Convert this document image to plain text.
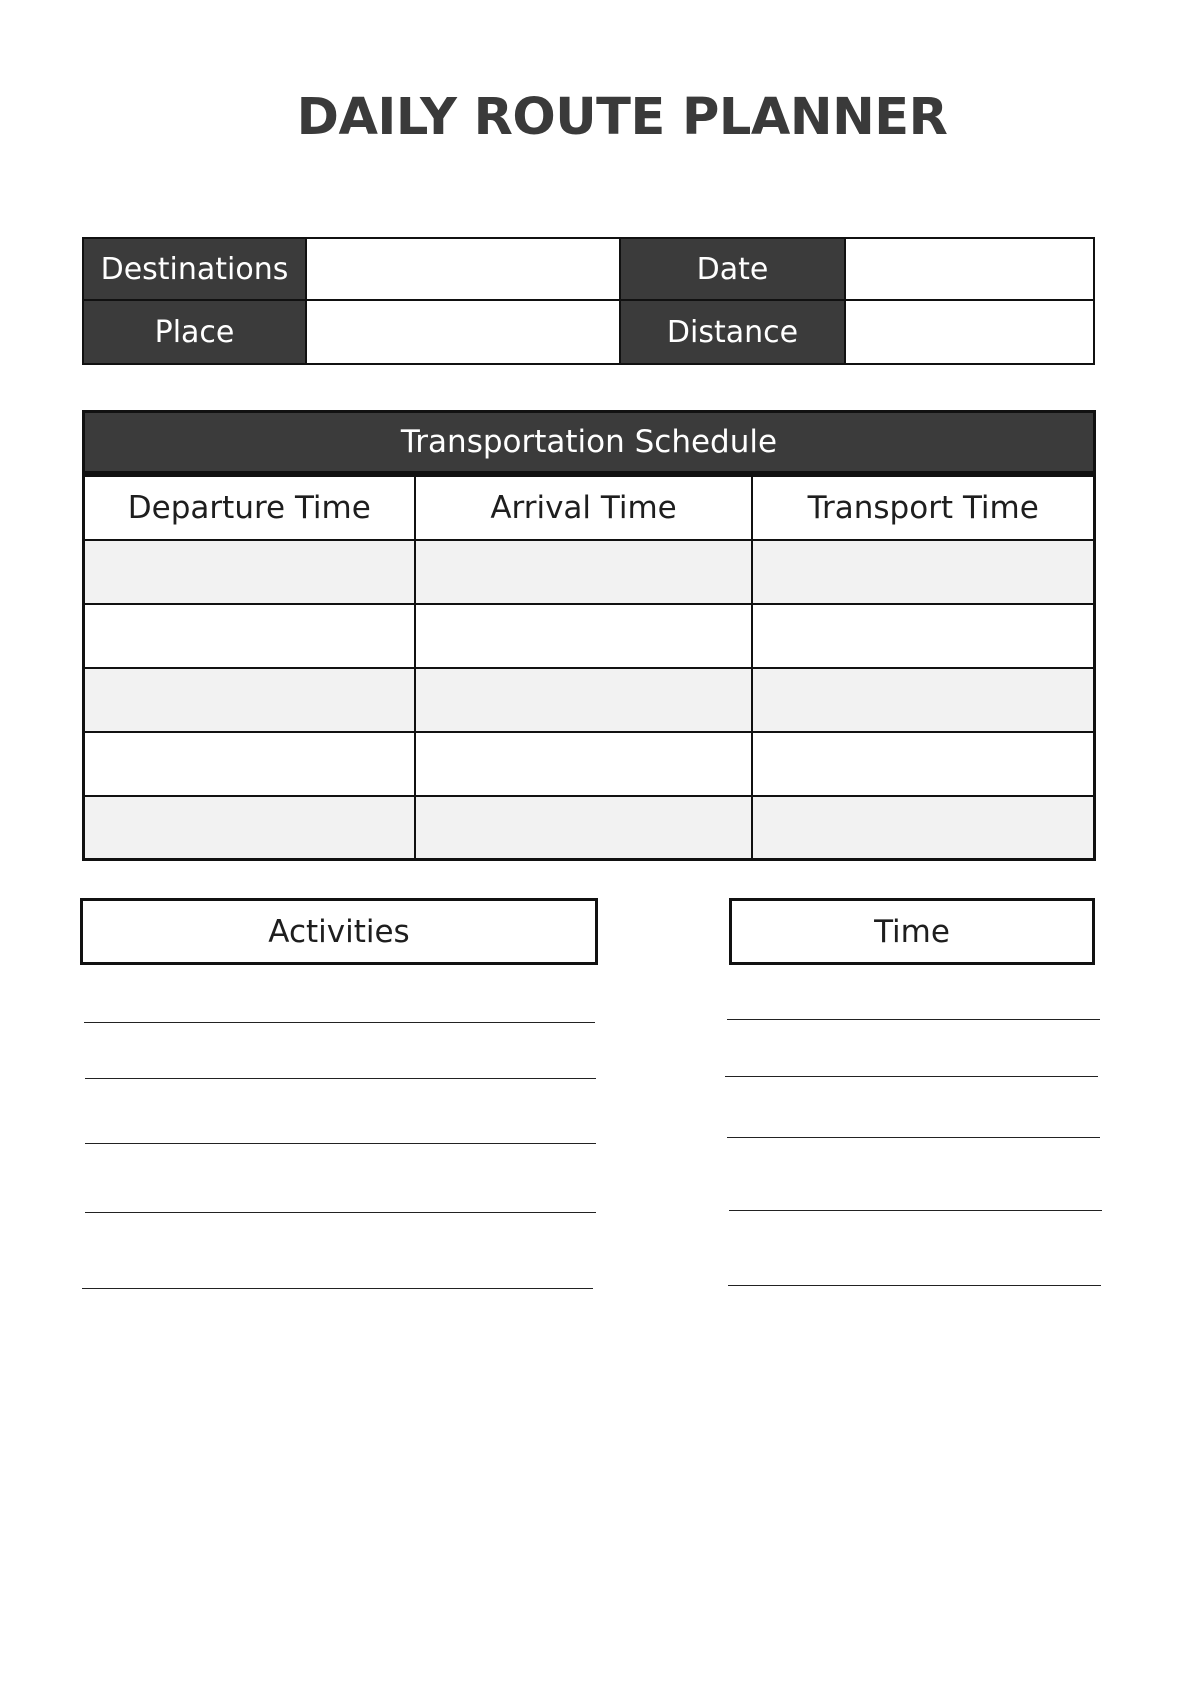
DAILY ROUTE PLANNER
Destinations	Date
Place	Distance
Transportation Schedule
Departure Time	Arrival Time	Transport Time

Activities	Time
